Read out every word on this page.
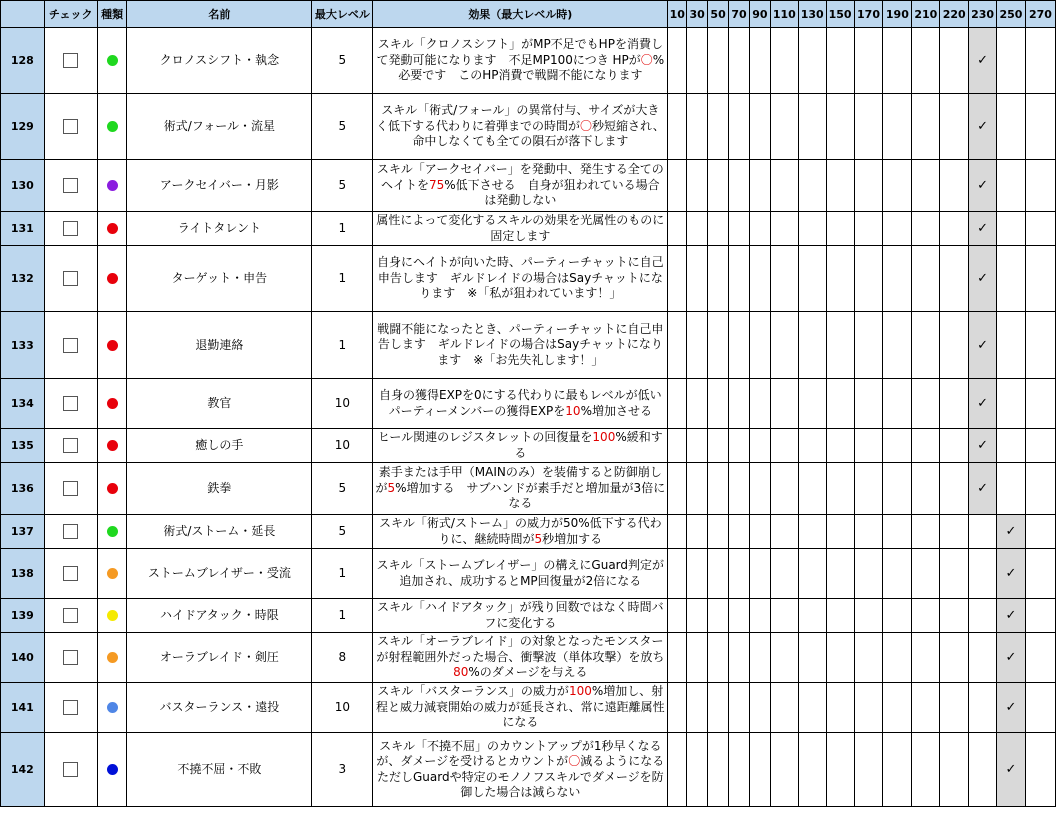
	チェック	種類	名前	最大レベル	効果（最大レベル時)	10	30	50	70	90	110	130	150	170	190	210	220	230	250	270
128			クロノスシフト・執念	5	スキル「クロノスシフト」がMP不足でもHPを消費して発動可能になります　不足MP100につき HPが〇%必要です　このHP消費で戦闘不能になります													✓		
129			術式/フォール・流星	5	スキル「術式/フォール」の異常付与、サイズが大きく低下する代わりに着弾までの時間が〇秒短縮され、命中しなくても全ての隕石が落下します													✓		
130			アークセイバー・月影	5	スキル「アークセイバー」を発動中、発生する全てのヘイトを75%低下させる　自身が狙われている場合は発動しない													✓		
131			ライトタレント	1	属性によって変化するスキルの効果を光属性のものに固定します													✓		
132			ターゲット・申告	1	自身にヘイトが向いた時、パーティーチャットに自己申告します　ギルドレイドの場合はSayチャットになります　※「私が狙われています！」													✓		
133			退勤連絡	1	戦闘不能になったとき、パーティーチャットに自己申告します　ギルドレイドの場合はSayチャットになります　※「お先失礼します！」													✓		
134			教官	10	自身の獲得EXPを0にする代わりに最もレベルが低いパーティーメンバーの獲得EXPを10%増加させる													✓		
135			癒しの手	10	ヒール関連のレジスタレットの回復量を100%緩和する													✓		
136			鉄拳	5	素手または手甲（MAINのみ）を装備すると防御崩しが5%増加する　サブハンドが素手だと増加量が3倍になる													✓		
137			術式/ストーム・延長	5	スキル「術式/ストーム」の威力が50%低下する代わりに、継続時間が5秒増加する														✓	
138			ストームブレイザー・受流	1	スキル「ストームブレイザー」の構えにGuard判定が追加され、成功するとMP回復量が2倍になる														✓	
139			ハイドアタック・時限	1	スキル「ハイドアタック」が残り回数ではなく時間バフに変化する														✓	
140			オーラブレイド・剣圧	8	スキル「オーラブレイド」の対象となったモンスターが射程範囲外だった場合、衝撃波（単体攻撃）を放ち80%のダメージを与える														✓	
141			バスターランス・遠投	10	スキル「バスターランス」の威力が100%増加し、射程と威力減衰開始の威力が延長され、常に遠距離属性になる														✓	
142			不撓不屈・不敗	3	スキル「不撓不屈」のカウントアップが1秒早くなるが、ダメージを受けるとカウントが〇減るようになる　ただしGuardや特定のモノノフスキルでダメージを防御した場合は減らない														✓	
